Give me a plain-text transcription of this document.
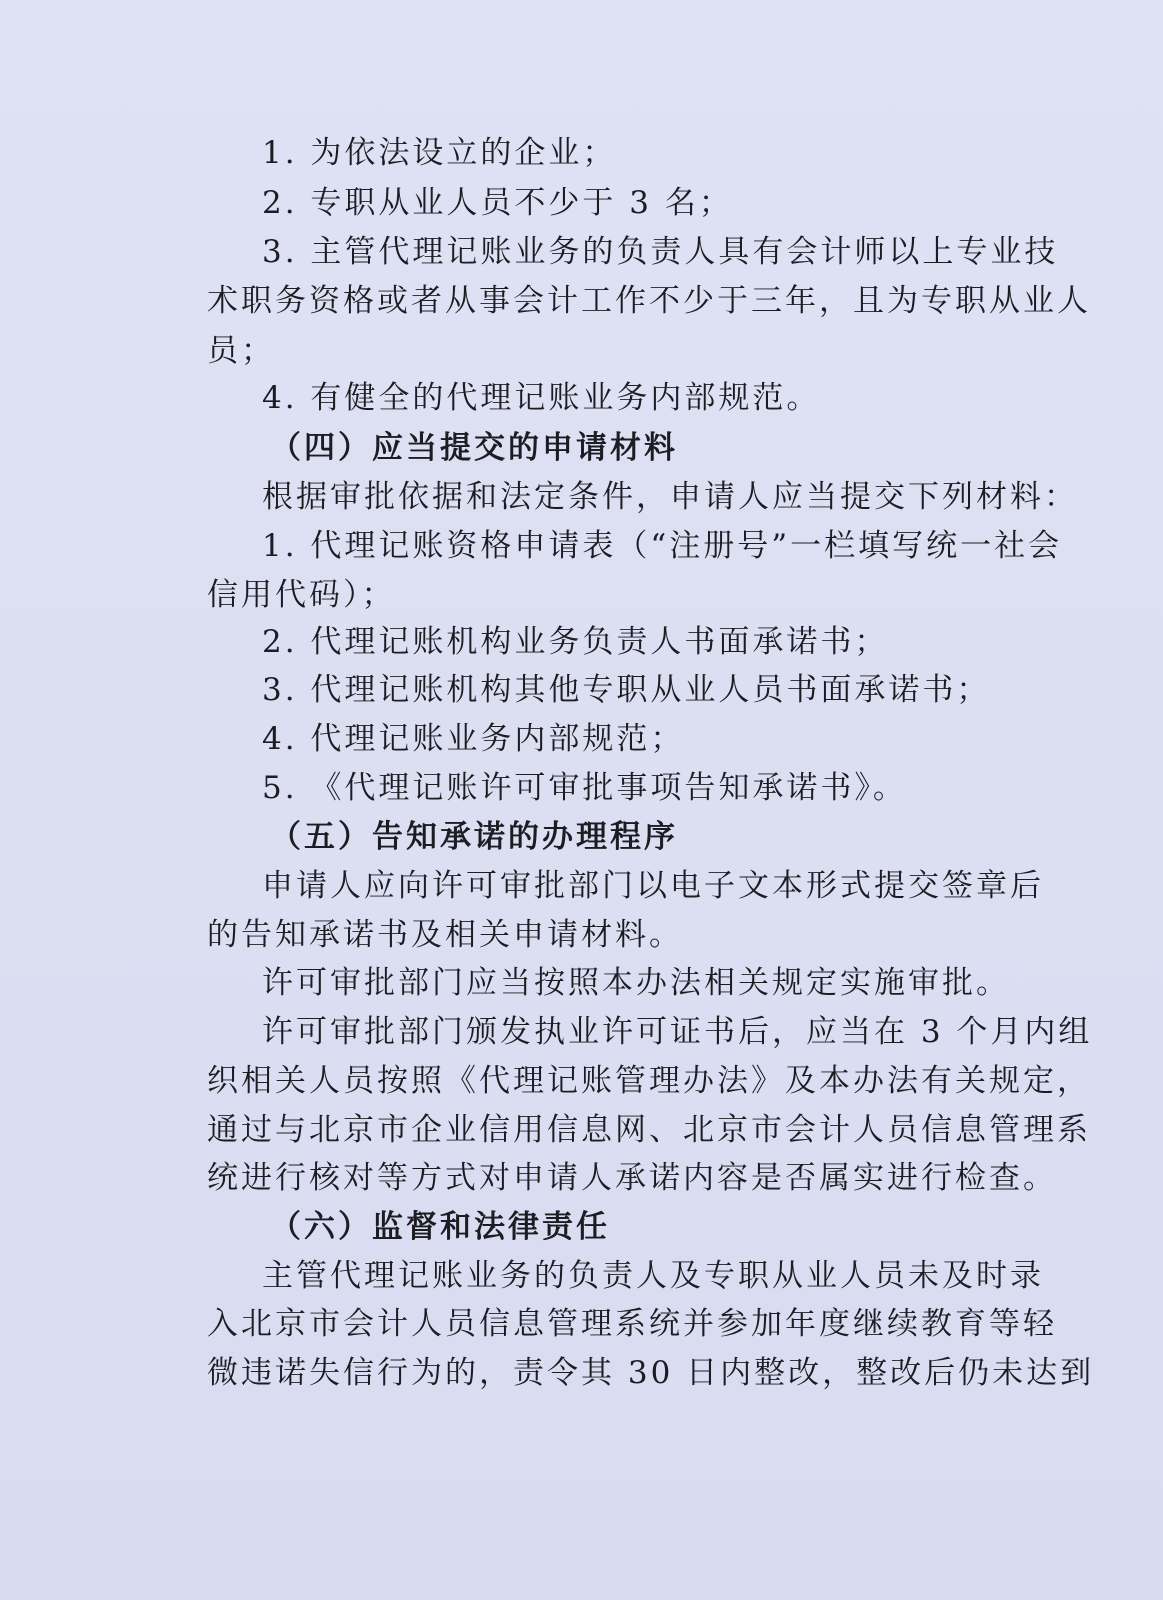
1. 为依法设立的企业；
2. 专职从业人员不少于 3 名；
3. 主管代理记账业务的负责人具有会计师以上专业技
术职务资格或者从事会计工作不少于三年，且为专职从业人
员；
4. 有健全的代理记账业务内部规范。
（四）应当提交的申请材料
根据审批依据和法定条件，申请人应当提交下列材料：
1. 代理记账资格申请表（“注册号”一栏填写统一社会
信用代码）；
2. 代理记账机构业务负责人书面承诺书；
3. 代理记账机构其他专职从业人员书面承诺书；
4. 代理记账业务内部规范；
5. 《代理记账许可审批事项告知承诺书》。
（五）告知承诺的办理程序
申请人应向许可审批部门以电子文本形式提交签章后
的告知承诺书及相关申请材料。
许可审批部门应当按照本办法相关规定实施审批。
许可审批部门颁发执业许可证书后，应当在 3 个月内组
织相关人员按照《代理记账管理办法》及本办法有关规定，
通过与北京市企业信用信息网、北京市会计人员信息管理系
统进行核对等方式对申请人承诺内容是否属实进行检查。
（六）监督和法律责任
主管代理记账业务的负责人及专职从业人员未及时录
入北京市会计人员信息管理系统并参加年度继续教育等轻
微违诺失信行为的，责令其 30 日内整改，整改后仍未达到
